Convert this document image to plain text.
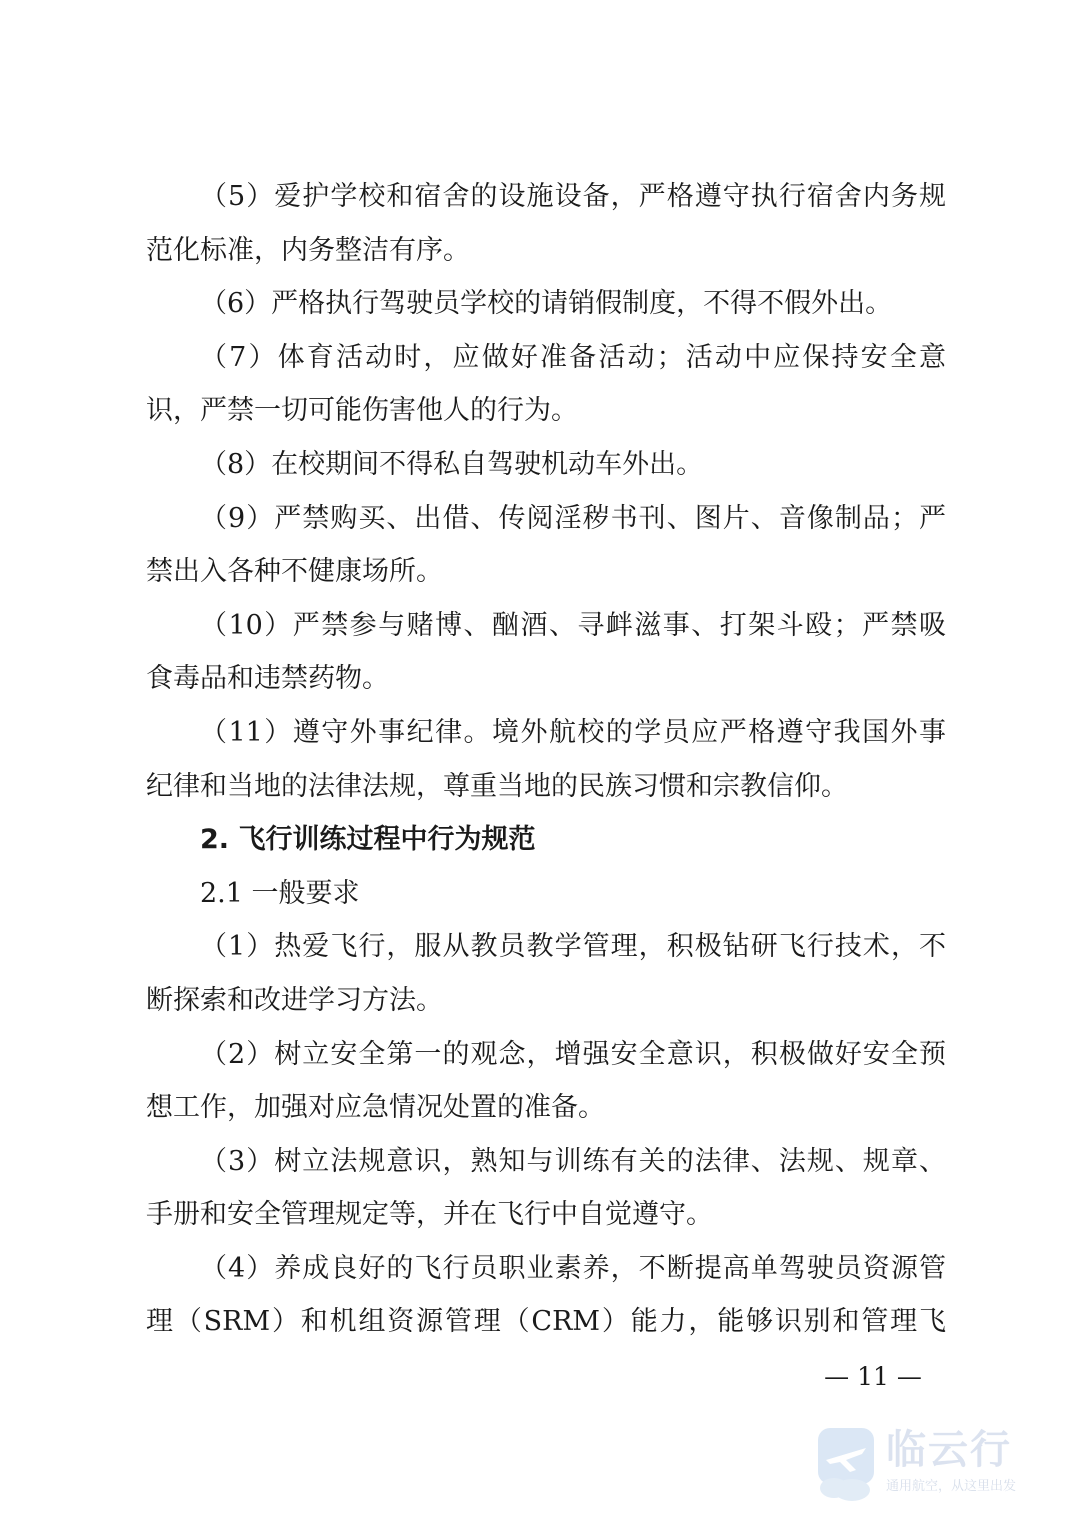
（5）爱护学校和宿舍的设施设备，严格遵守执行宿舍内务规
范化标准，内务整洁有序。
（6）严格执行驾驶员学校的请销假制度，不得不假外出。
（7）体育活动时，应做好准备活动；活动中应保持安全意
识，严禁一切可能伤害他人的行为。
（8）在校期间不得私自驾驶机动车外出。
（9）严禁购买、出借、传阅淫秽书刊、图片、音像制品；严
禁出入各种不健康场所。
（10）严禁参与赌博、酗酒、寻衅滋事、打架斗殴；严禁吸
食毒品和违禁药物。
（11）遵守外事纪律。境外航校的学员应严格遵守我国外事
纪律和当地的法律法规，尊重当地的民族习惯和宗教信仰。
2. 飞行训练过程中行为规范
2.1 一般要求
（1）热爱飞行，服从教员教学管理，积极钻研飞行技术，不
断探索和改进学习方法。
（2）树立安全第一的观念，增强安全意识，积极做好安全预
想工作，加强对应急情况处置的准备。
（3）树立法规意识，熟知与训练有关的法律、法规、规章、
手册和安全管理规定等，并在飞行中自觉遵守。
（4）养成良好的飞行员职业素养，不断提高单驾驶员资源管
理（SRM）和机组资源管理（CRM）能力，能够识别和管理飞
— 11 —
临云行
通用航空，从这里出发
